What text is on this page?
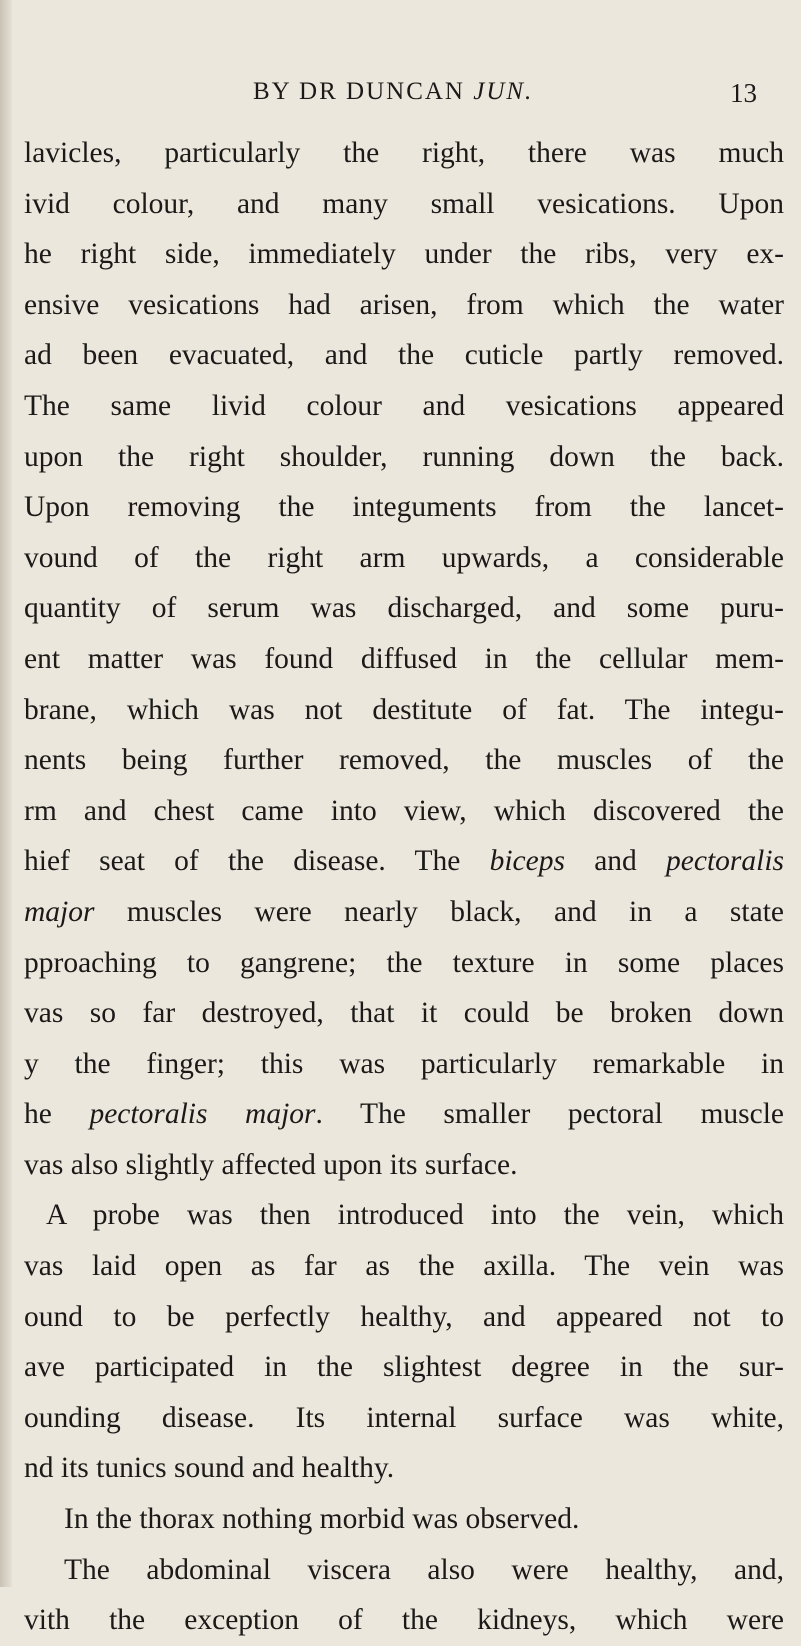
BY DR DUNCAN JUN.	13
lavicles, particularly the right, there was much
ivid colour, and many small vesications. Upon
he right side, immediately under the ribs, very ex-
ensive vesications had arisen, from which the water
ad been evacuated, and the cuticle partly removed.
The same livid colour and vesications appeared
upon the right shoulder, running down the back.
Upon removing the integuments from the lancet-
vound of the right arm upwards, a considerable
quantity of serum was discharged, and some puru-
ent matter was found diffused in the cellular mem-
brane, which was not destitute of fat. The integu-
nents being further removed, the muscles of the
rm and chest came into view, which discovered the
hief seat of the disease. The biceps and pectoralis
major muscles were nearly black, and in a state
pproaching to gangrene; the texture in some places
vas so far destroyed, that it could be broken down
y the finger; this was particularly remarkable in
he pectoralis major. The smaller pectoral muscle
vas also slightly affected upon its surface.
A probe was then introduced into the vein, which
vas laid open as far as the axilla. The vein was
ound to be perfectly healthy, and appeared not to
ave participated in the slightest degree in the sur-
ounding disease. Its internal surface was white,
nd its tunics sound and healthy.
In the thorax nothing morbid was observed.
The abdominal viscera also were healthy, and,
vith the exception of the kidneys, which were
